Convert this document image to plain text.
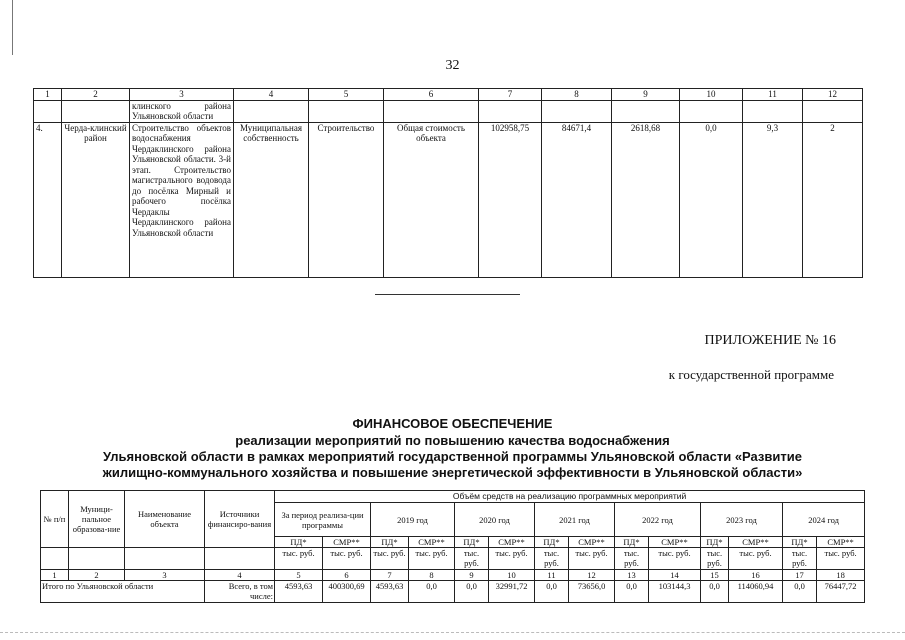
32
1	2	3	4	5	6	7	8	9	10	11	12
		клинского района Ульяновской области									
4.	Черда-клинский район	Строительство объектов водоснабжения Чердаклинского района Ульяновской области. 3-й этап. Строительство магистрального водовода до посёлка Мирный и рабочего посёлка Чердаклы Чердаклинского района Ульяновской области	Муниципальная собственность	Строительство	Общая стоимость объекта	102958,75	84671,4	2618,68	0,0	9,3	2
ПРИЛОЖЕНИЕ № 16
к государственной программе
ФИНАНСОВОЕ ОБЕСПЕЧЕНИЕ
реализации мероприятий по повышению качества водоснабжения
Ульяновской области в рамках мероприятий государственной программы Ульяновской области «Развитие
жилищно-коммунального хозяйства и повышение энергетической эффективности в Ульяновской области»
№ п/п	Муници-пальное образова-ние	Наименование объекта	Источники финансиро-вания	Объём средств на реализацию программных мероприятий													
				За период реализа-ции программы		2019 год		2020 год		2021 год		2022 год		2023 год		2024 год	
				ПД*	СМР**	ПД*	СМР**	ПД*	СМР**	ПД*	СМР**	ПД*	СМР**	ПД*	СМР**	ПД*	СМР**
				тыс. руб.	тыс. руб.	тыс. руб.	тыс. руб.	тыс. руб.	тыс. руб.	тыс. руб.	тыс. руб.	тыс. руб.	тыс. руб.	тыс. руб.	тыс. руб.	тыс. руб.	тыс. руб.
1	2	3	4	5	6	7	8	9	10	11	12	13	14	15	16	17	18
Итого по Ульяновской области			Всего, в том числе:	4593,63	400300,69	4593,63	0,0	0,0	32991,72	0,0	73656,0	0,0	103144,3	0,0	114060,94	0,0	76447,72
